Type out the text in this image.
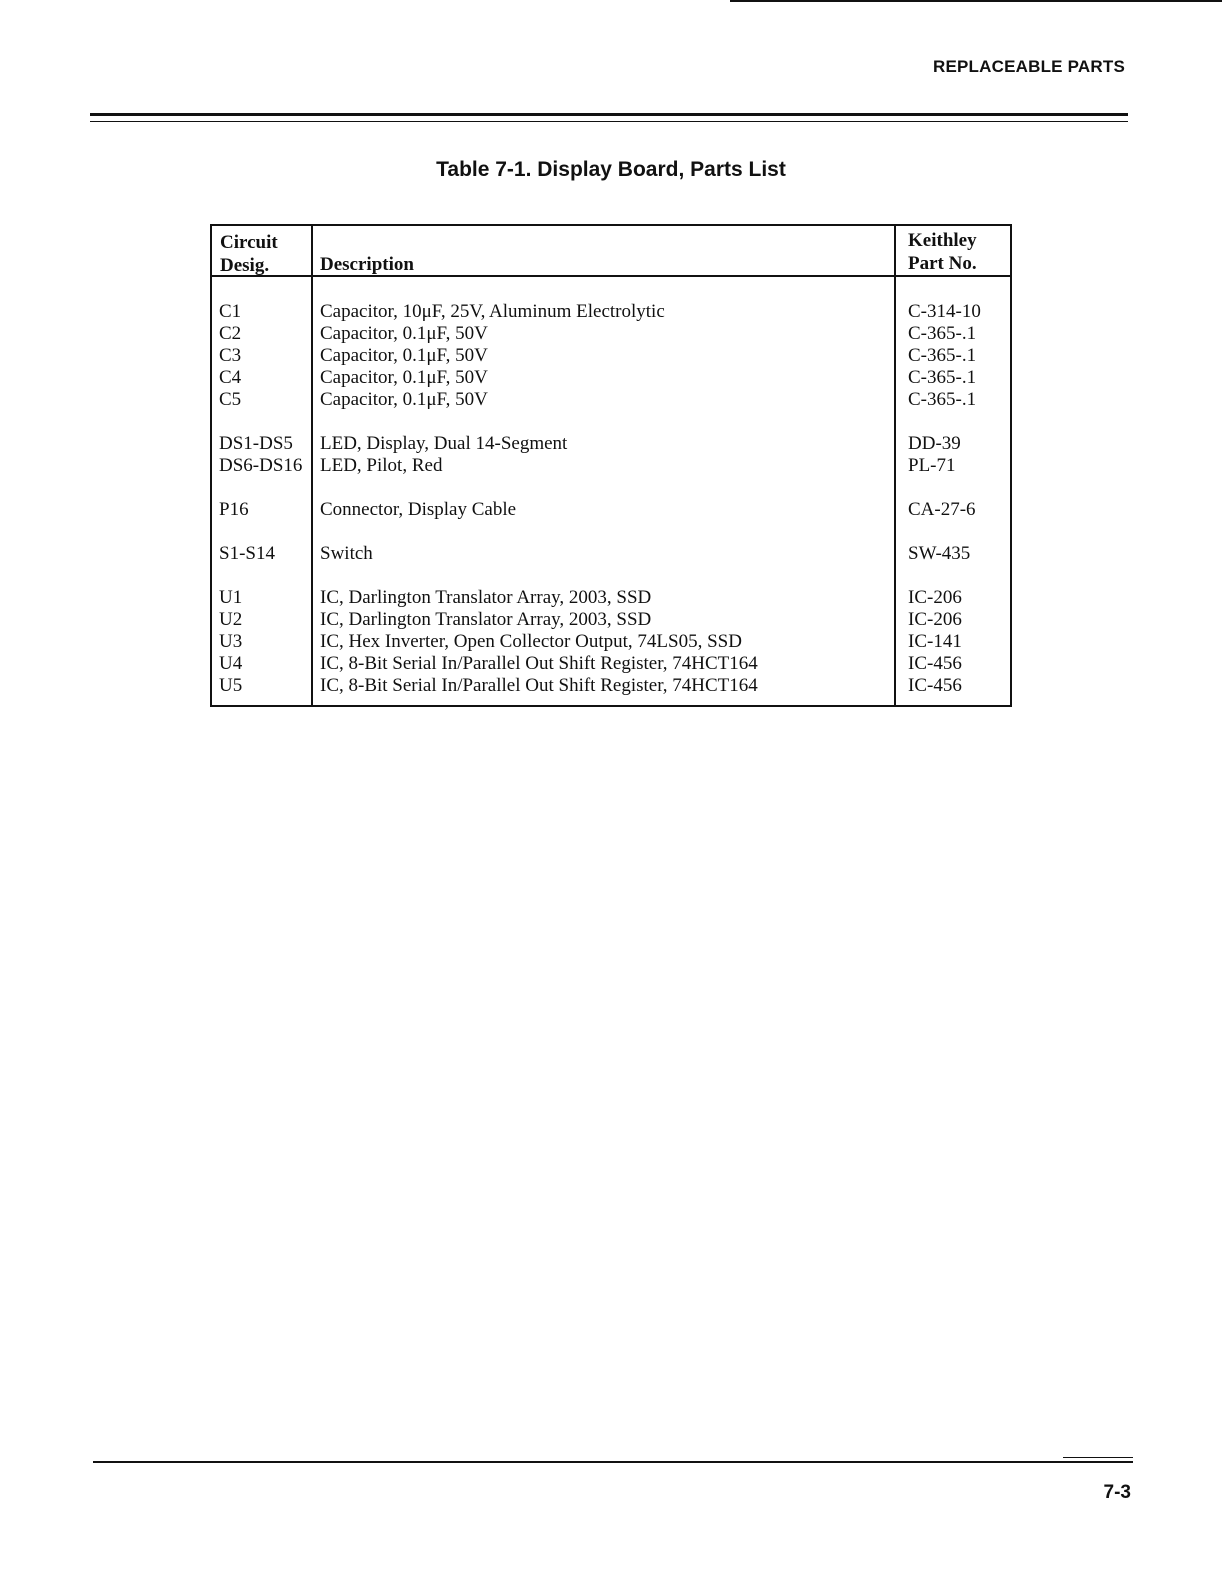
REPLACEABLE PARTS
Table 7-1. Display Board, Parts List
Circuit
Desig.	Description
Keithley
Part No.
C1	Capacitor, 10μF, 25V, Aluminum Electrolytic	C-314-10
C2	Capacitor, 0.1μF, 50V	C-365-.1
C3	Capacitor, 0.1μF, 50V	C-365-.1
C4	Capacitor, 0.1μF, 50V	C-365-.1
C5	Capacitor, 0.1μF, 50V	C-365-.1
DS1-DS5 LED, Display, Dual 14-Segment	DD-39
DS6-DS16 LED, Pilot, Red	PL-71
P16	Connector, Display Cable	CA-27-6
S1-S14 Switch	SW-435
U1	IC, Darlington Translator Array, 2003, SSD	IC-206
U2	IC, Darlington Translator Array, 2003, SSD	IC-206
U3	IC, Hex Inverter, Open Collector Output, 74LS05, SSD	IC-141
U4	IC, 8-Bit Serial In/Parallel Out Shift Register, 74HCT164	IC-456
U5	IC, 8-Bit Serial In/Parallel Out Shift Register, 74HCT164	IC-456
7-3
